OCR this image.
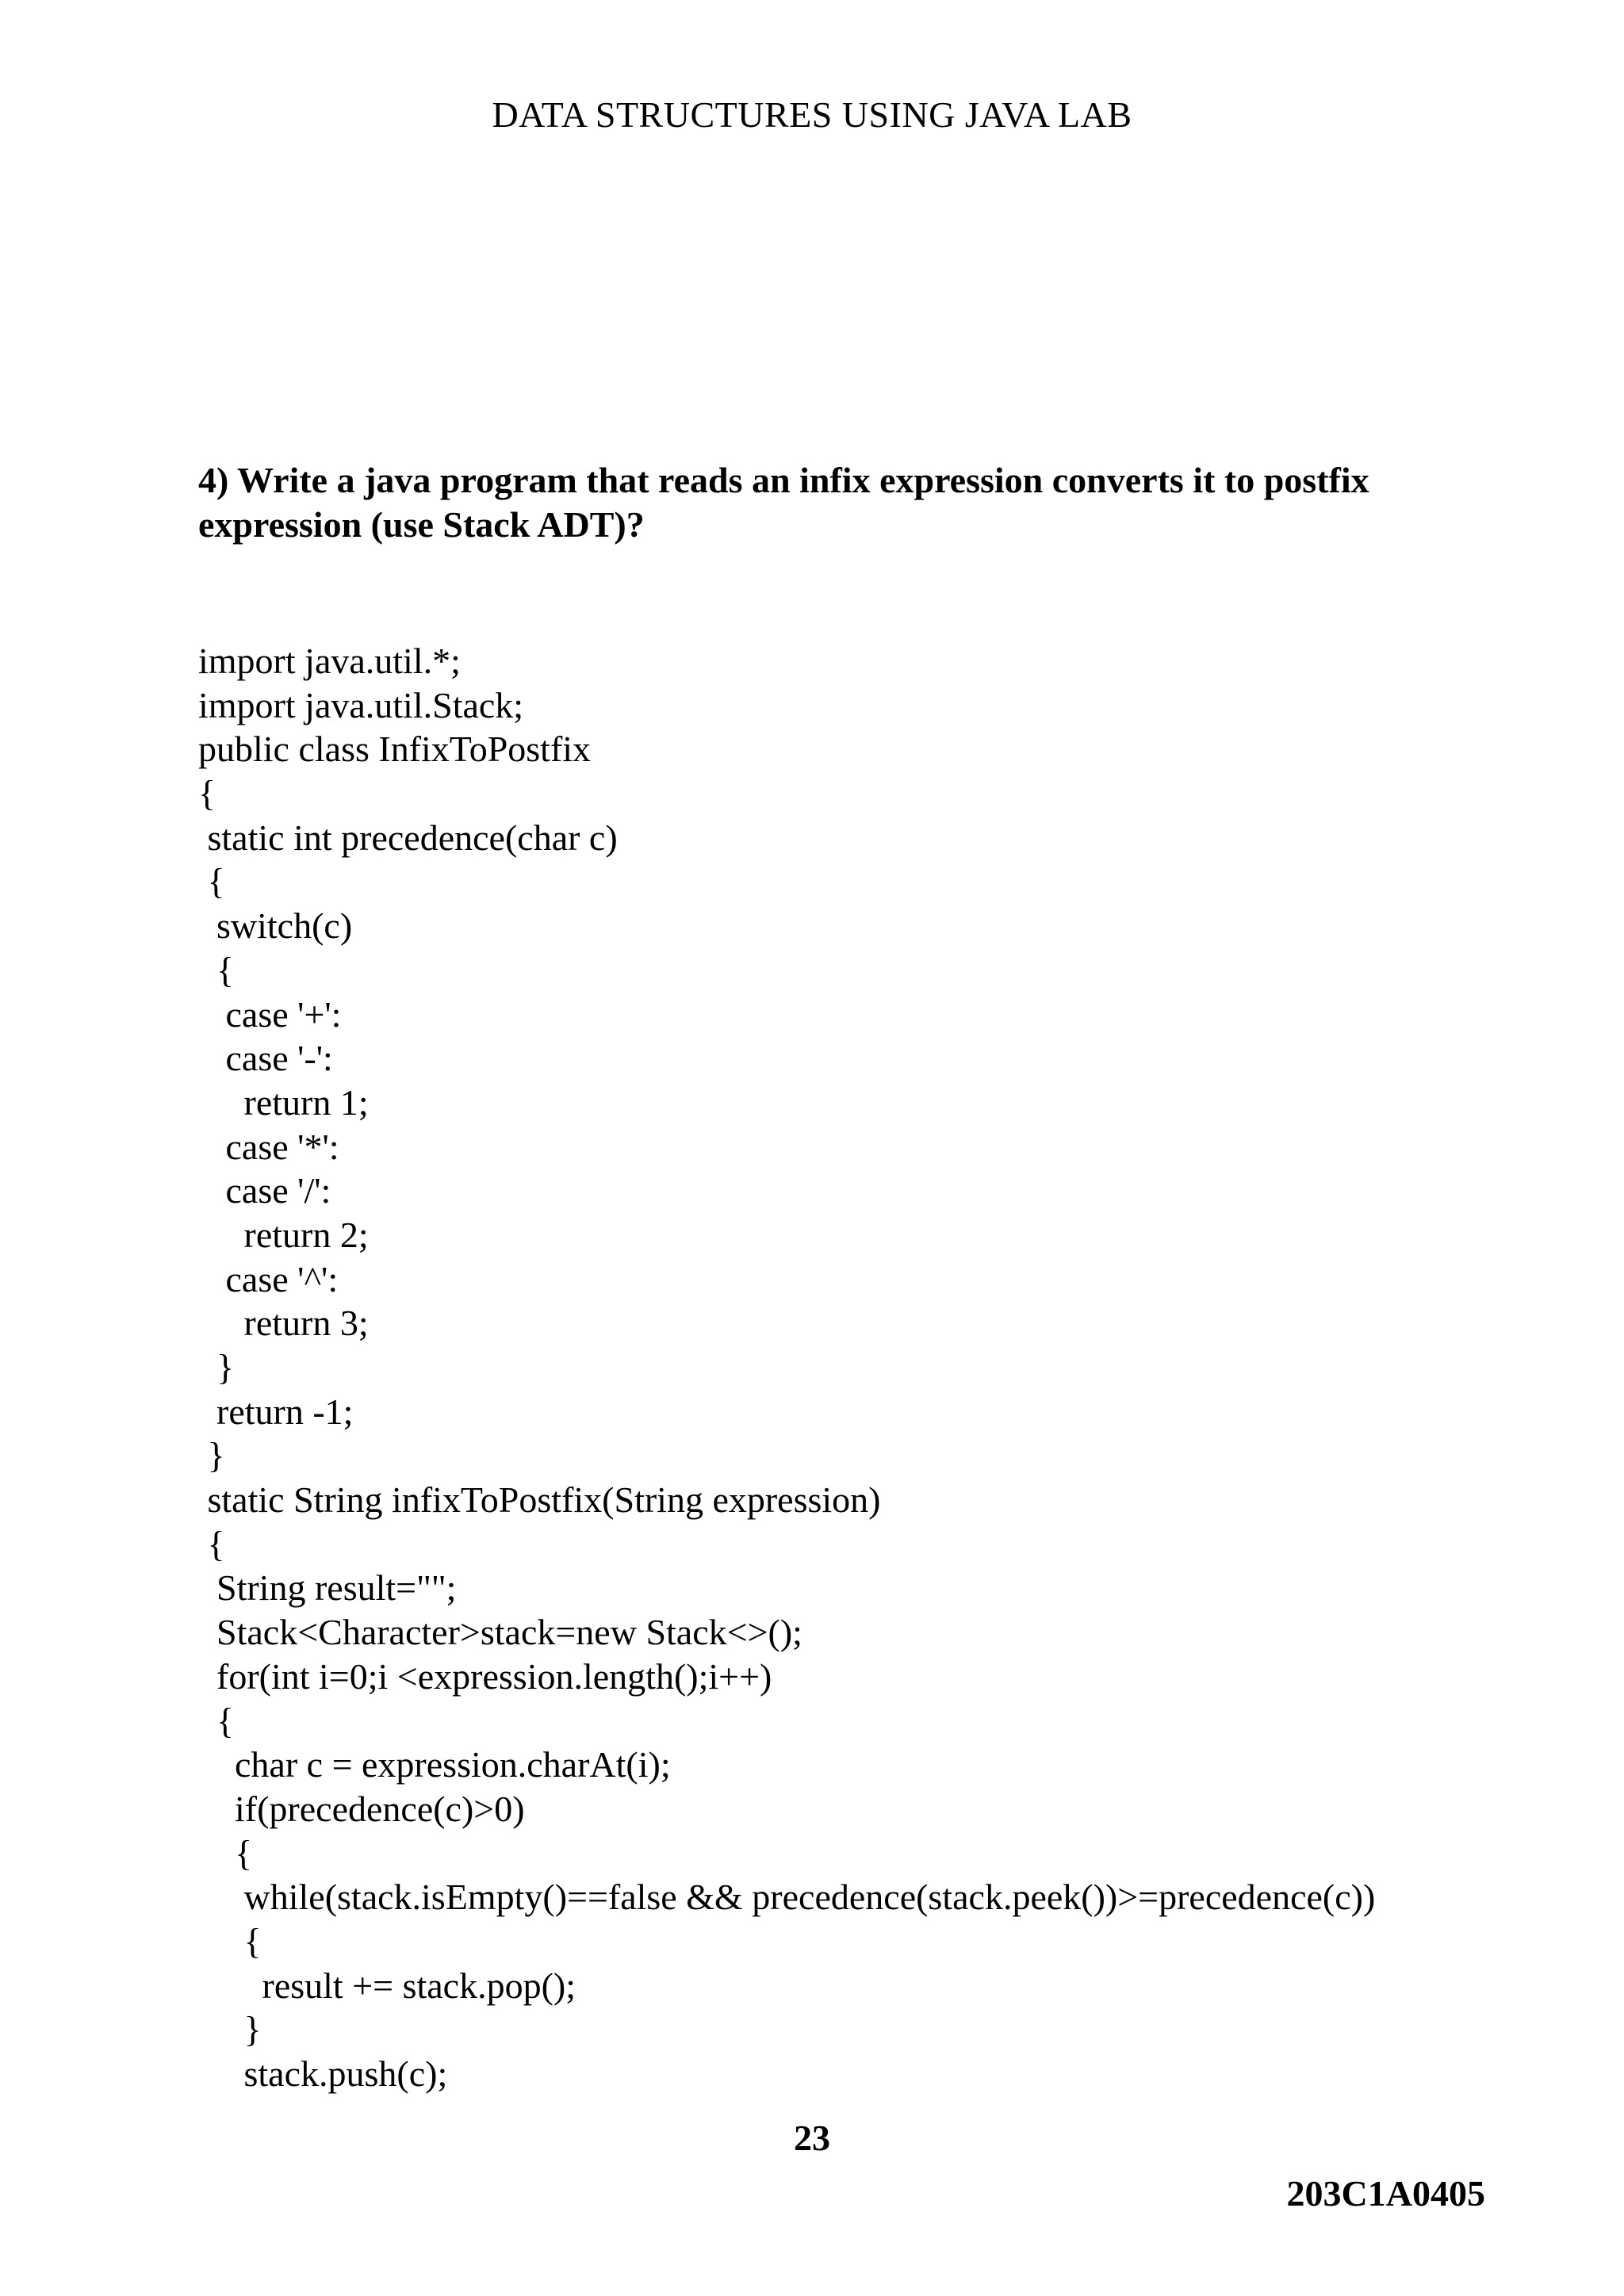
DATA STRUCTURES USING JAVA LAB
4) Write a java program that reads an infix expression converts it to postfix
expression (use Stack ADT)?
import java.util.*;
import java.util.Stack;
public class InfixToPostfix
{
static int precedence(char c)
{
switch(c)
{
case '+':
case '-':
return 1;
case '*':
case '/':
return 2;
case '^':
return 3;
}
return -1;
}
static String infixToPostfix(String expression)
{
String result="";
Stack<Character>stack=new Stack<>();
for(int i=0;i <expression.length();i++)
{
char c = expression.charAt(i);
if(precedence(c)>0)
{
while(stack.isEmpty()==false && precedence(stack.peek())>=precedence(c))
{
result += stack.pop();
}
stack.push(c);
23
203C1A0405
